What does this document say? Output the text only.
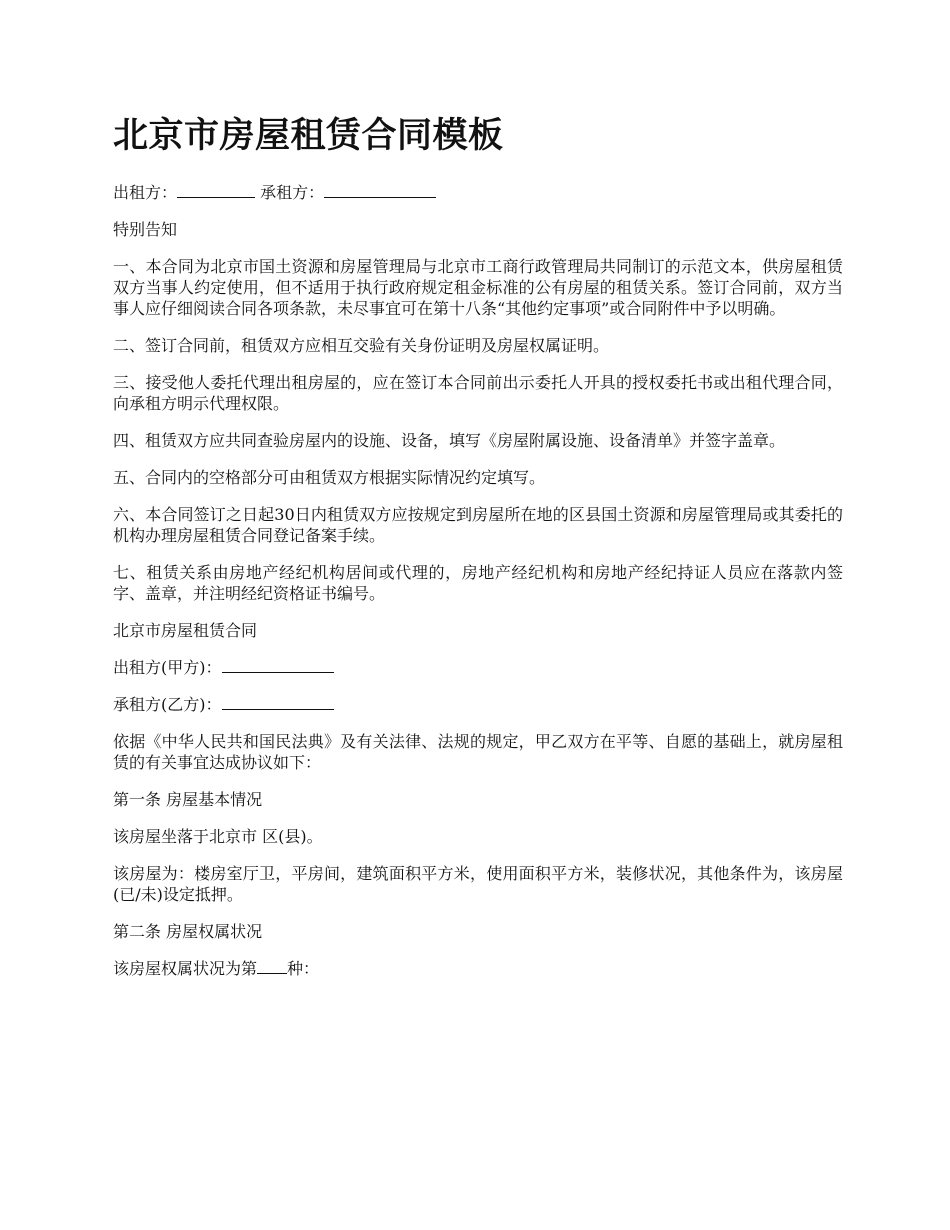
北京市房屋租赁合同模板

出租方：	承租方：

特别告知

一、本合同为北京市国土资源和房屋管理局与北京市工商行政管理局共同制订的示范文本，供房屋租赁双方当事人约定使用，但不适用于执行政府规定租金标准的公有房屋的租赁关系。签订合同前，双方当事人应仔细阅读合同各项条款，未尽事宜可在第十八条“其他约定事项”或合同附件中予以明确。

二、签订合同前，租赁双方应相互交验有关身份证明及房屋权属证明。

三、接受他人委托代理出租房屋的，应在签订本合同前出示委托人开具的授权委托书或出租代理合同，向承租方明示代理权限。

四、租赁双方应共同查验房屋内的设施、设备，填写《房屋附属设施、设备清单》并签字盖章。

五、合同内的空格部分可由租赁双方根据实际情况约定填写。

六、本合同签订之日起30日内租赁双方应按规定到房屋所在地的区县国土资源和房屋管理局或其委托的机构办理房屋租赁合同登记备案手续。

七、租赁关系由房地产经纪机构居间或代理的，房地产经纪机构和房地产经纪持证人员应在落款内签字、盖章，并注明经纪资格证书编号。

北京市房屋租赁合同

出租方(甲方)：

承租方(乙方)：

依据《中华人民共和国民法典》及有关法律、法规的规定，甲乙双方在平等、自愿的基础上，就房屋租赁的有关事宜达成协议如下：

第一条 房屋基本情况

该房屋坐落于北京市 区(县)。

该房屋为：楼房室厅卫，平房间，建筑面积平方米，使用面积平方米，装修状况，其他条件为，该房屋(已/未)设定抵押。

第二条 房屋权属状况

该房屋权属状况为第 种：
